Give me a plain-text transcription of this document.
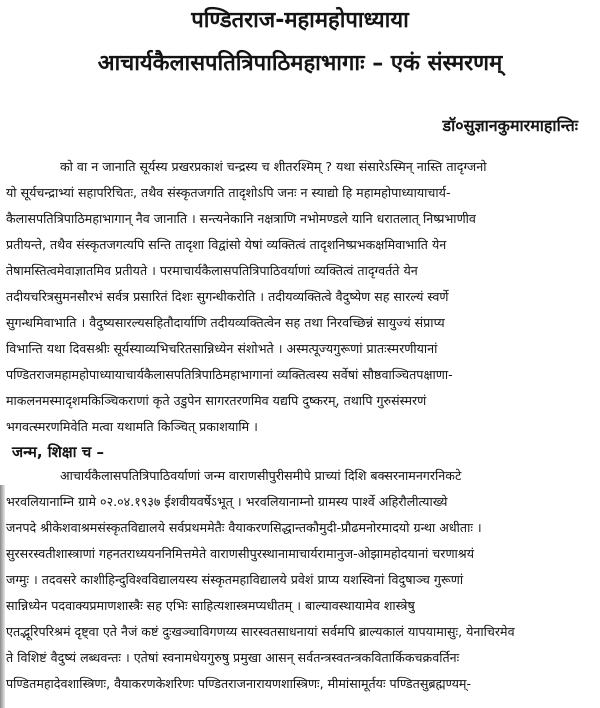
पण्डितराज-महामहोपाध्याया
आचार्यकैलासपतित्रिपाठिमहाभागाः – एकं संस्मरणम्
डॉ०सुज्ञानकुमारमाहान्तिः
को वा न जानाति सूर्यस्य प्रखरप्रकाशं चन्द्रस्य च शीतरश्मिम् ? यथा संसारेऽस्मिन् नास्ति तादृग्जनो
यो सूर्यचन्द्राभ्यां सहापरिचितः, तथैव संस्कृतजगति तादृशोऽपि जनः न स्याद्यो हि महामहोपाध्यायाचार्य-
कैलासपतित्रिपाठिमहाभागान् नैव जानाति । सन्त्यनेकानि नक्षत्राणि नभोमण्डले यानि धरातलात् निष्प्रभाणीव
प्रतीयन्ते, तथैव संस्कृतजगत्यपि सन्ति तादृशा विद्वांसो येषां व्यक्तित्वं तादृशनिष्प्रभकक्षमिवाभाति येन
तेषामस्तित्वमेवाज्ञातमिव प्रतीयते । परमाचार्यकैलासपतित्रिपाठिवर्याणां व्यक्तित्वं तादृग्वर्तते येन
तदीयचरित्रसुमनसौरभं सर्वत्र प्रसारितं दिशः सुगन्धीकरोति । तदीयव्यक्तित्वे वैदुष्येण सह सारल्यं स्वर्णे
सुगन्धमिवाभाति । वैदुष्यसारल्यसहितौदार्याणि तदीयव्यक्तित्वेन सह तथा निरवच्छिन्नं सायुज्यं संप्राप्य
विभान्ति यथा दिवसश्रीः सूर्यस्याव्यभिचरितसान्निध्येन संशोभते । अस्मत्पूज्यगुरूणां प्रातःस्मरणीयानां
पण्डितराजमहामहोपाध्यायाचार्यकैलासपतित्रिपाठिमहाभागानां व्यक्तित्वस्य सर्वेषां सौष्ठवाञ्चितपक्षाणा-
माकलनमस्मादृशमकिञ्चिकराणां कृते उडुपेन सागरतरणमिव यद्यपि दुष्करम्, तथापि गुरुसंस्मरणं
भगवत्स्मरणमिवेति मत्वा यथामति किञ्चित् प्रकाशयामि ।
जन्म, शिक्षा च –
आचार्यकैलासपतित्रिपाठिवर्याणां जन्म वाराणसीपुरीसमीपे प्राच्यां दिशि बक्सरनामनगरनिकटे
भरवलियानाम्नि ग्रामे ०२.०४.१९३७ ईशवीयवर्षेऽभूत् । भरवलियानाम्नो ग्रामस्य पार्श्वे अहिरौलीत्याख्ये
जनपदे श्रीकेशवाश्रमसंस्कृतविद्यालये सर्वप्रथममेतैः वैयाकरणसिद्धान्तकौमुदी-प्रौढमनोरमादयो ग्रन्था अधीताः ।
सुरसरस्वतीशास्त्राणां गहनतराध्ययननिमित्तमेते वाराणसीपुरस्थानामाचार्यरामानुज-ओझामहोदयानां चरणाश्रयं
जग्मुः । तदवसरे काशीहिन्दुविश्वविद्यालयस्य संस्कृतमहाविद्यालये प्रवेशं प्राप्य यशस्विनां विदुषाञ्च गुरूणां
सान्निध्येन पदवाक्यप्रमाणशास्त्रैः सह एभिः साहित्यशास्त्रमप्यधीतम् । बाल्यावस्थायामेव शास्त्रेषु
एतद्भूरिपरिश्रमं दृष्ट्वा एते नैजं कष्टं दुःखञ्चाविगणय्य सारस्वतसाधनायां सर्वमपि ब्राल्यकालं यापयामासुः, येनाचिरमेव
ते विशिष्टं वैदुष्यं लब्धवन्तः । एतेषां स्वनामधेयगुरुषु प्रमुखा आसन् सर्वतन्त्रस्वतन्त्रकवितार्किकचक्रवर्तिनः
पण्डितमहादेवशास्त्रिणः, वैयाकरणकेशरिणः पण्डितराजनारायणशास्त्रिणः, मीमांसामूर्तयः पण्डितसुब्रह्मण्यम्-
